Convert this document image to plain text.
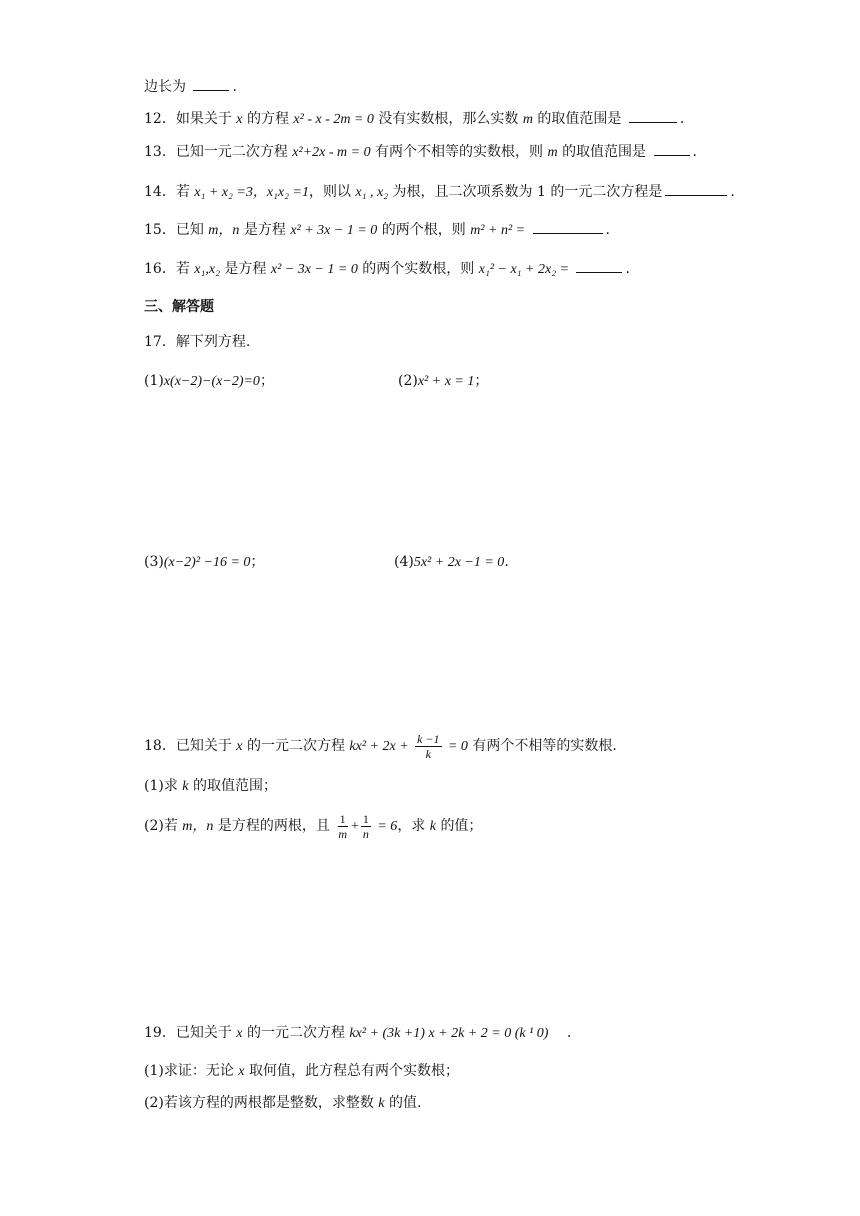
边长为	.
12．如果关于 x 的方程 x² - x - 2m = 0 没有实数根，那么实数 m 的取值范围是	.
13．已知一元二次方程 x²+2x - m = 0 有两个不相等的实数根，则 m 的取值范围是	.
14．若 x₁ + x₂ =3，x₁x₂ =1，则以 x₁ , x₂ 为根，且二次项系数为 1 的一元二次方程是	.
15．已知 m，n 是方程 x² + 3x − 1 = 0 的两个根，则 m² + n² =	.
16．若 x₁,x₂ 是方程 x² − 3x − 1 = 0 的两个实数根，则 x₁² − x₁ + 2x₂ =	.
三、解答题
17．解下列方程.
(1)x(x−2)−(x−2)=0；	(2)x² + x = 1；
(3)(x−2)² −16 = 0；	(4)5x² + 2x −1 = 0.
18．已知关于 x 的一元二次方程 $kx^2 + 2x + \frac{k -1}{k} = 0$ 有两个不相等的实数根.
(1)求 k 的取值范围；
(2)若 m，n 是方程的两根，且 $\frac{1}{m} + \frac{1}{n} = 6$，求 k 的值；
19．已知关于 x 的一元二次方程 kx² + (3k +1) x + 2k + 2 = 0 (k ¹ 0) .
(1)求证：无论 x 取何值，此方程总有两个实数根；
(2)若该方程的两根都是整数，求整数 k 的值.
